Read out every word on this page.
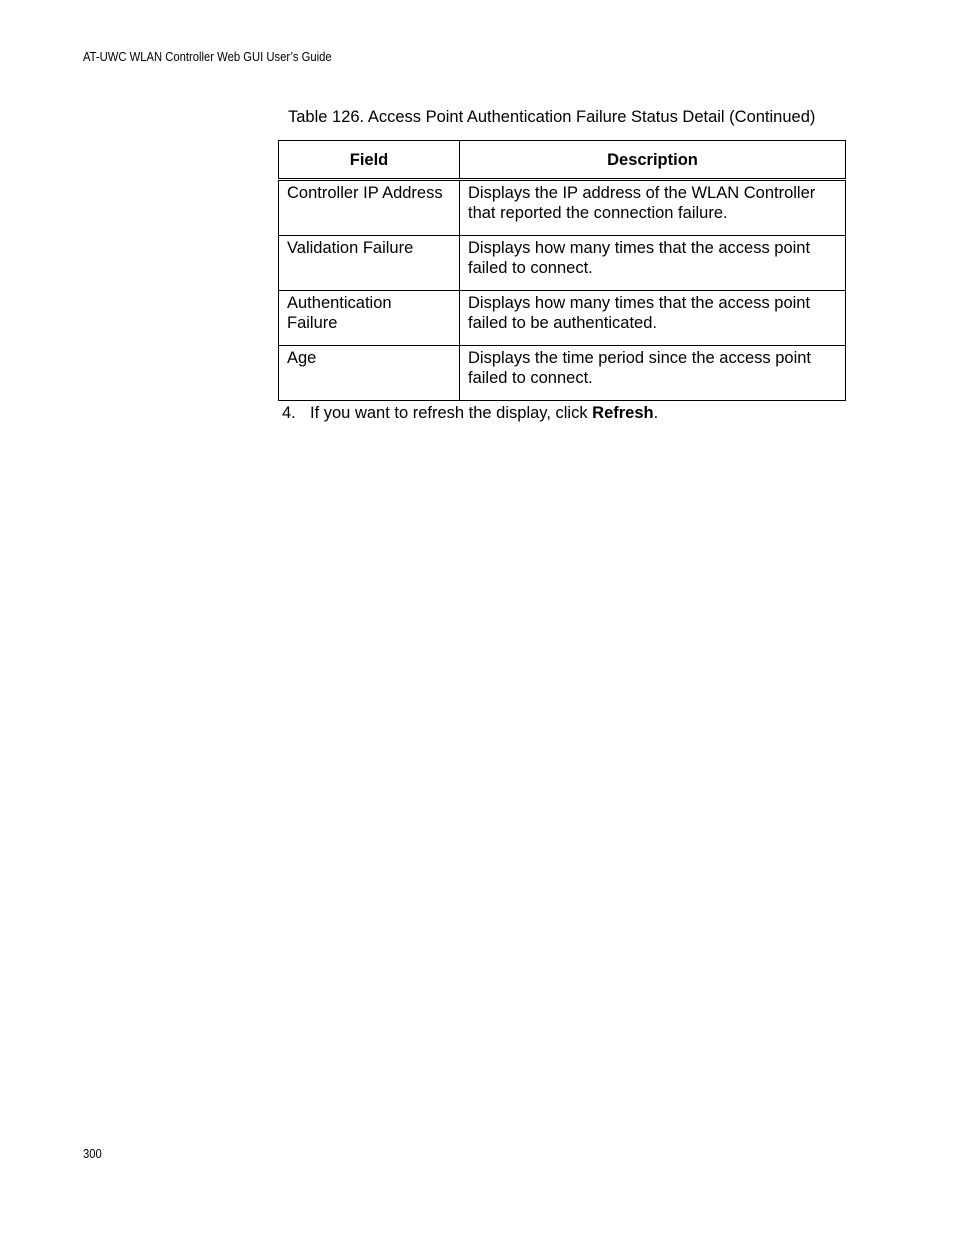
AT-UWC WLAN Controller Web GUI User’s Guide
Table 126. Access Point Authentication Failure Status Detail (Continued)
Field	Description
Controller IP Address	Displays the IP address of the WLAN Controller that reported the connection failure.
Validation Failure	Displays how many times that the access point failed to connect.
Authentication Failure	Displays how many times that the access point failed to be authenticated.
Age	Displays the time period since the access point failed to connect.
4. If you want to refresh the display, click Refresh.
300
